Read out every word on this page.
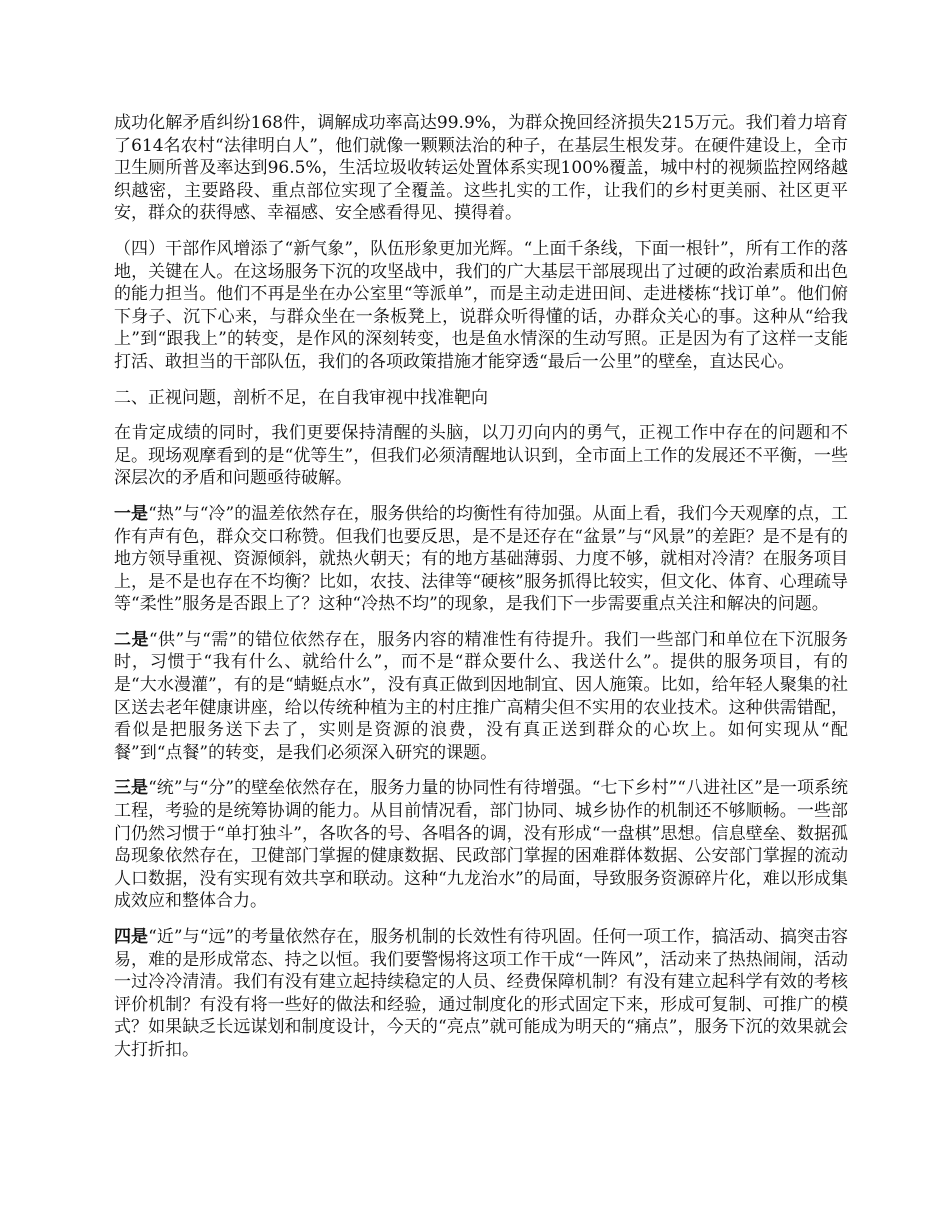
成功化解矛盾纠纷168件，调解成功率高达99.9%，为群众挽回经济损失215万元。我们着力培育了614名农村“法律明白人”，他们就像一颗颗法治的种子，在基层生根发芽。在硬件建设上，全市卫生厕所普及率达到96.5%，生活垃圾收转运处置体系实现100%覆盖，城中村的视频监控网络越织越密，主要路段、重点部位实现了全覆盖。这些扎实的工作，让我们的乡村更美丽、社区更平安，群众的获得感、幸福感、安全感看得见、摸得着。

（四）干部作风增添了“新气象”，队伍形象更加光辉。“上面千条线，下面一根针”，所有工作的落地，关键在人。在这场服务下沉的攻坚战中，我们的广大基层干部展现出了过硬的政治素质和出色的能力担当。他们不再是坐在办公室里“等派单”，而是主动走进田间、走进楼栋“找订单”。他们俯下身子、沉下心来，与群众坐在一条板凳上，说群众听得懂的话，办群众关心的事。这种从“给我上”到“跟我上”的转变，是作风的深刻转变，也是鱼水情深的生动写照。正是因为有了这样一支能打活、敢担当的干部队伍，我们的各项政策措施才能穿透“最后一公里”的壁垒，直达民心。

二、正视问题，剖析不足，在自我审视中找准靶向

在肯定成绩的同时，我们更要保持清醒的头脑，以刀刃向内的勇气，正视工作中存在的问题和不足。现场观摩看到的是“优等生”，但我们必须清醒地认识到，全市面上工作的发展还不平衡，一些深层次的矛盾和问题亟待破解。

一是“热”与“冷”的温差依然存在，服务供给的均衡性有待加强。从面上看，我们今天观摩的点，工作有声有色，群众交口称赞。但我们也要反思，是不是还存在“盆景”与“风景”的差距？是不是有的地方领导重视、资源倾斜，就热火朝天；有的地方基础薄弱、力度不够，就相对冷清？在服务项目上，是不是也存在不均衡？比如，农技、法律等“硬核”服务抓得比较实，但文化、体育、心理疏导等“柔性”服务是否跟上了？这种“冷热不均”的现象，是我们下一步需要重点关注和解决的问题。

二是“供”与“需”的错位依然存在，服务内容的精准性有待提升。我们一些部门和单位在下沉服务时，习惯于“我有什么、就给什么”，而不是“群众要什么、我送什么”。提供的服务项目，有的是“大水漫灌”，有的是“蜻蜓点水”，没有真正做到因地制宜、因人施策。比如，给年轻人聚集的社区送去老年健康讲座，给以传统种植为主的村庄推广高精尖但不实用的农业技术。这种供需错配，看似是把服务送下去了，实则是资源的浪费，没有真正送到群众的心坎上。如何实现从“配餐”到“点餐”的转变，是我们必须深入研究的课题。

三是“统”与“分”的壁垒依然存在，服务力量的协同性有待增强。“七下乡村”“八进社区”是一项系统工程，考验的是统筹协调的能力。从目前情况看，部门协同、城乡协作的机制还不够顺畅。一些部门仍然习惯于“单打独斗”，各吹各的号、各唱各的调，没有形成“一盘棋”思想。信息壁垒、数据孤岛现象依然存在，卫健部门掌握的健康数据、民政部门掌握的困难群体数据、公安部门掌握的流动人口数据，没有实现有效共享和联动。这种“九龙治水”的局面，导致服务资源碎片化，难以形成集成效应和整体合力。

四是“近”与“远”的考量依然存在，服务机制的长效性有待巩固。任何一项工作，搞活动、搞突击容易，难的是形成常态、持之以恒。我们要警惕将这项工作干成“一阵风”，活动来了热热闹闹，活动一过冷冷清清。我们有没有建立起持续稳定的人员、经费保障机制？有没有建立起科学有效的考核评价机制？有没有将一些好的做法和经验，通过制度化的形式固定下来，形成可复制、可推广的模式？如果缺乏长远谋划和制度设计，今天的“亮点”就可能成为明天的“痛点”，服务下沉的效果就会大打折扣。
